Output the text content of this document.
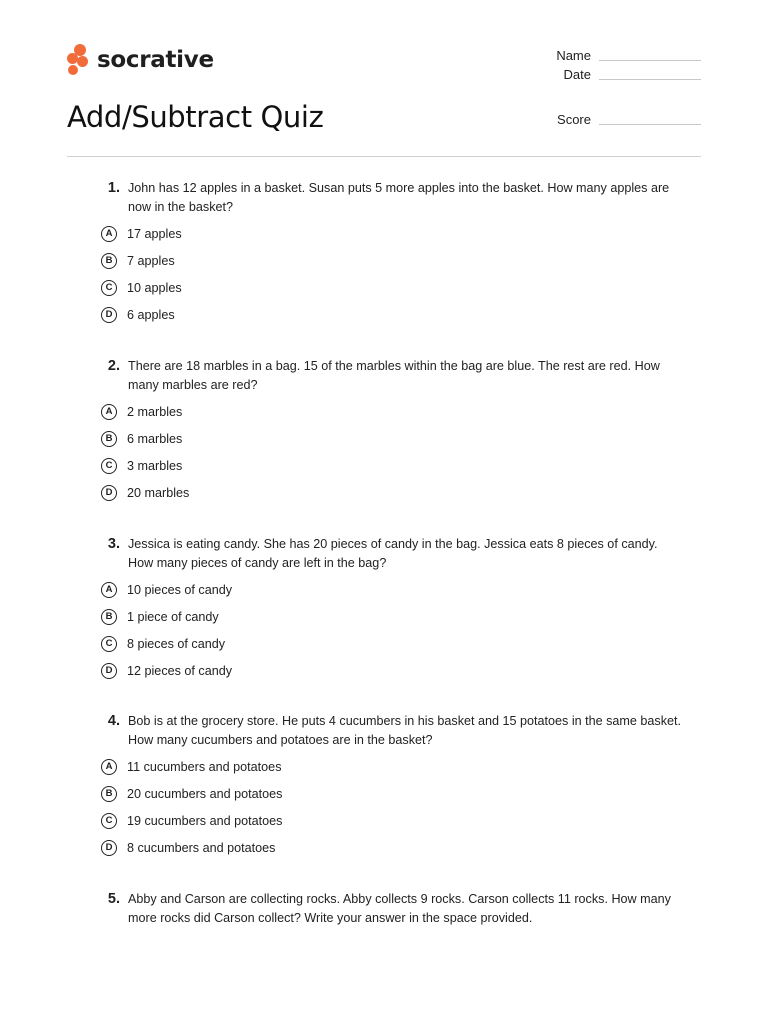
socrative
Add/Subtract Quiz
Name
Date
Score
1. John has 12 apples in a basket. Susan puts 5 more apples into the basket. How many apples are now in the basket?
A	17 apples
B	7 apples
C	10 apples
D	6 apples
2. There are 18 marbles in a bag. 15 of the marbles within the bag are blue. The rest are red. How many marbles are red?
A	2 marbles
B	6 marbles
C	3 marbles
D	20 marbles
3. Jessica is eating candy. She has 20 pieces of candy in the bag. Jessica eats 8 pieces of candy. How many pieces of candy are left in the bag?
A	10 pieces of candy
B	1 piece of candy
C	8 pieces of candy
D	12 pieces of candy
4. Bob is at the grocery store. He puts 4 cucumbers in his basket and 15 potatoes in the same basket. How many cucumbers and potatoes are in the basket?
A	11 cucumbers and potatoes
B	20 cucumbers and potatoes
C	19 cucumbers and potatoes
D	8 cucumbers and potatoes
5. Abby and Carson are collecting rocks. Abby collects 9 rocks. Carson collects 11 rocks. How many more rocks did Carson collect? Write your answer in the space provided.
